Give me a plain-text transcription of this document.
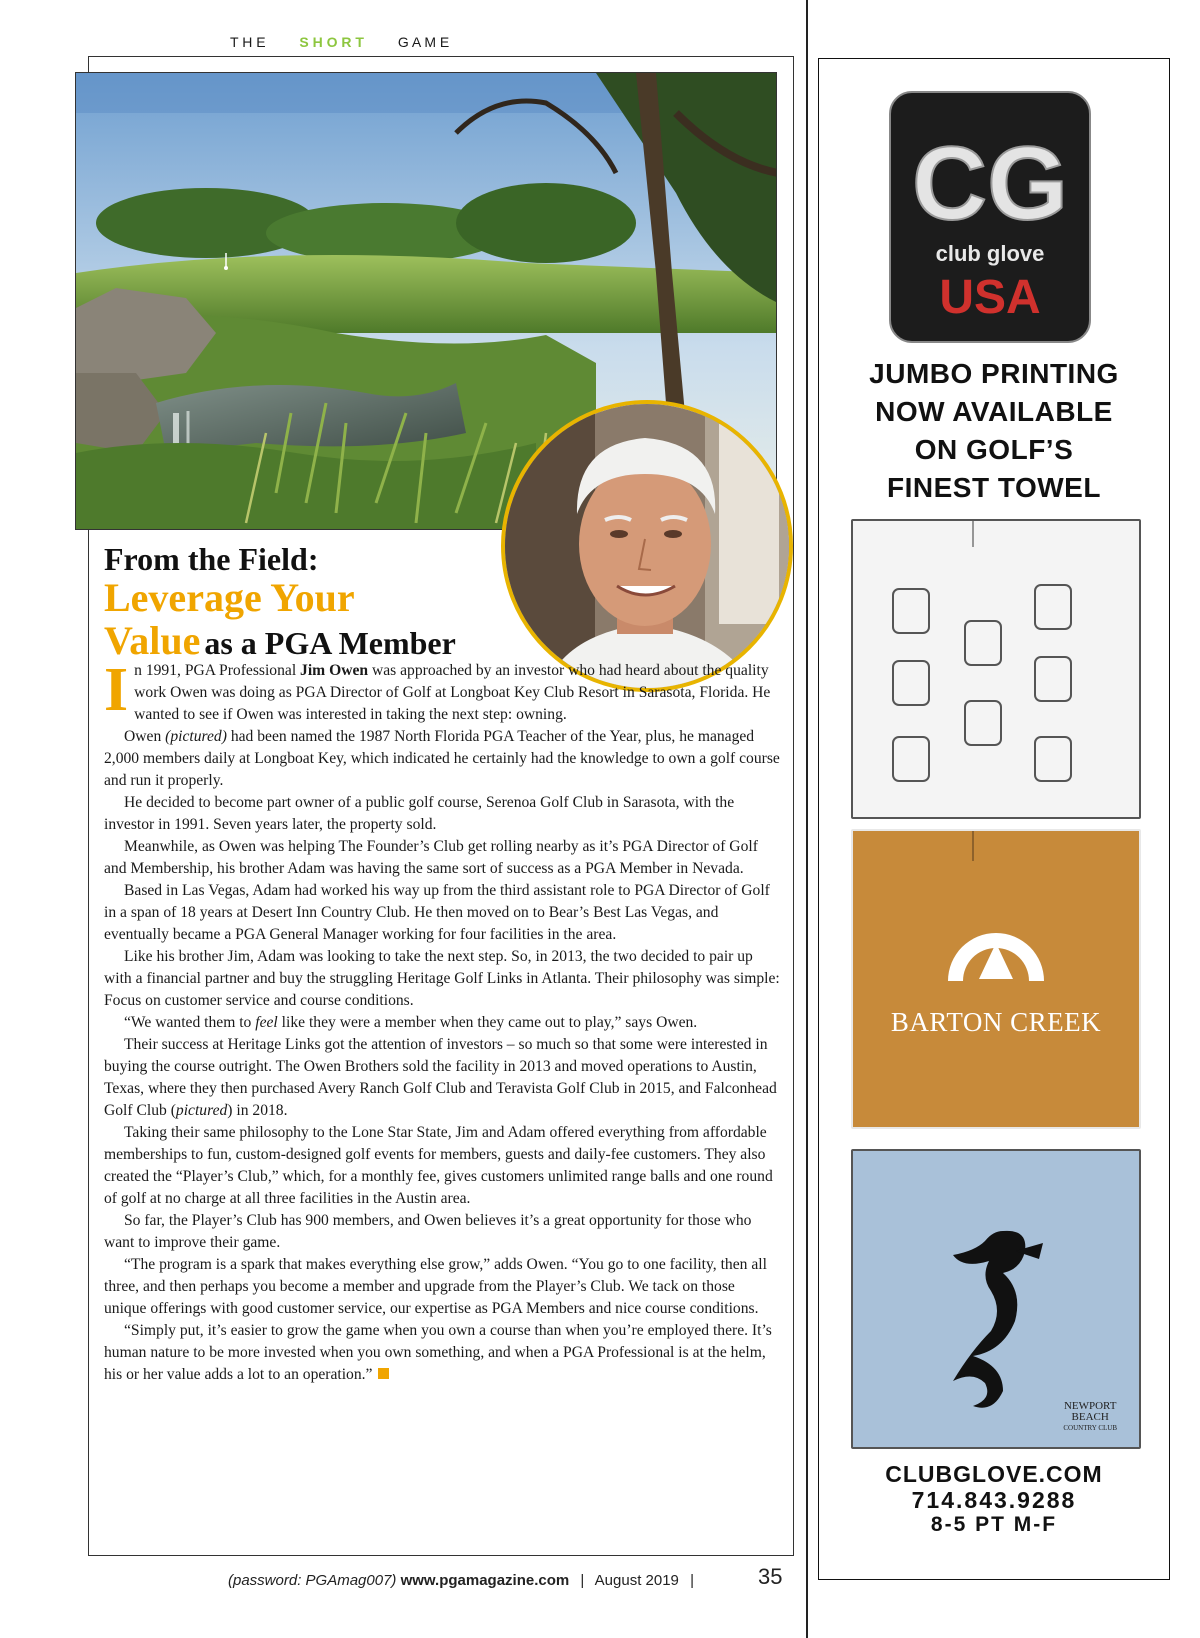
T H E S H O R T G A M E
From the Field:
Leverage Your
Value as a PGA Member

In 1991, PGA Professional Jim Owen was approached by an investor who had heard about the quality work Owen was doing as PGA Director of Golf at Longboat Key Club Resort in Sarasota, Florida. He wanted to see if Owen was interested in taking the next step: owning.

Owen (pictured) had been named the 1987 North Florida PGA Teacher of the Year, plus, he managed 2,000 members daily at Longboat Key, which indicated he certainly had the knowledge to own a golf course and run it properly.

He decided to become part owner of a public golf course, Serenoa Golf Club in Sarasota, with the investor in 1991. Seven years later, the property sold.

Meanwhile, as Owen was helping The Founder’s Club get rolling nearby as it’s PGA Director of Golf and Membership, his brother Adam was having the same sort of success as a PGA Member in Nevada.

Based in Las Vegas, Adam had worked his way up from the third assistant role to PGA Director of Golf in a span of 18 years at Desert Inn Country Club. He then moved on to Bear’s Best Las Vegas, and eventually became a PGA General Manager working for four facilities in the area.

Like his brother Jim, Adam was looking to take the next step. So, in 2013, the two decided to pair up with a financial partner and buy the struggling Heritage Golf Links in Atlanta. Their philosophy was simple: Focus on customer service and course conditions.

“We wanted them to feel like they were a member when they came out to play,” says Owen.

Their success at Heritage Links got the attention of investors – so much so that some were interested in buying the course outright. The Owen Brothers sold the facility in 2013 and moved operations to Austin, Texas, where they then purchased Avery Ranch Golf Club and Teravista Golf Club in 2015, and Falconhead Golf Club (pictured) in 2018.

Taking their same philosophy to the Lone Star State, Jim and Adam offered everything from affordable memberships to fun, custom-designed golf events for members, guests and daily-fee customers. They also created the “Player’s Club,” which, for a monthly fee, gives customers unlimited range balls and one round of golf at no charge at all three facilities in the Austin area.

So far, the Player’s Club has 900 members, and Owen believes it’s a great opportunity for those who want to improve their game.

“The program is a spark that makes everything else grow,” adds Owen. “You go to one facility, then all three, and then perhaps you become a member and upgrade from the Player’s Club. We tack on those unique offerings with good customer service, our expertise as PGA Members and nice course conditions.

“Simply put, it’s easier to grow the game when you own a course than when you’re employed there. It’s human nature to be more invested when you own something, and when a PGA Professional is at the helm, his or her value adds a lot to an operation.”

(password: PGAmag007) www.pgamagazine.com | August 2019 |	35
CG
club glove
USA
JUMBO PRINTING
NOW AVAILABLE
ON GOLF’S
FINEST TOWEL
BARTON CREEK
NEWPORT
BEACH
COUNTRY CLUB
CLUBGLOVE.COM
714.843.9288
8-5 PT M-F
